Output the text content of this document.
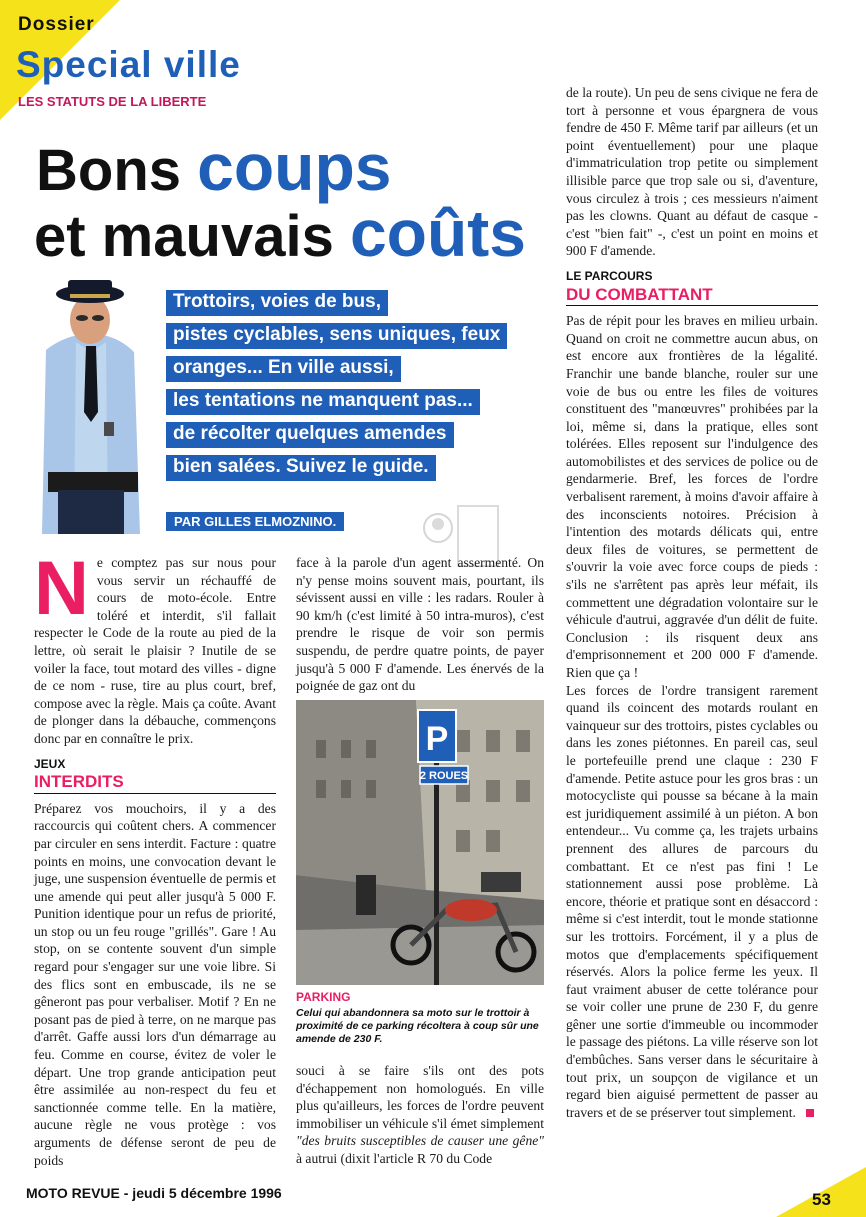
Dossier
Special ville
LES STATUTS DE LA LIBERTE
Bons coups
et mauvais coûts
Trottoirs, voies de bus,
pistes cyclables, sens uniques, feux
oranges... En ville aussi,
les tentations ne manquent pas...
de récolter quelques amendes
bien salées. Suivez le guide.
PAR GILLES ELMOZNINO.

Ne comptez pas sur nous pour vous servir un réchauffé de cours de moto-école. Entre toléré et interdit, s'il fallait respecter le Code de la route au pied de la lettre, où serait le plaisir ? Inutile de se voiler la face, tout motard des villes - digne de ce nom - ruse, tire au plus court, bref, compose avec la règle. Mais ça coûte. Avant de plonger dans la débauche, commençons donc par en connaître le prix.

JEUX
INTERDITS

Préparez vos mouchoirs, il y a des raccourcis qui coûtent chers. A commencer par circuler en sens interdit. Facture : quatre points en moins, une convocation devant le juge, une suspension éventuelle de permis et une amende qui peut aller jusqu'à 5 000 F. Punition identique pour un refus de priorité, un stop ou un feu rouge "grillés". Gare ! Au stop, on se contente souvent d'un simple regard pour s'engager sur une voie libre. Si des flics sont en embuscade, ils ne se gêneront pas pour verbaliser. Motif ? En ne posant pas de pied à terre, on ne marque pas d'arrêt. Gaffe aussi lors d'un démarrage au feu. Comme en course, évitez de voler le départ. Une trop grande anticipation peut être assimilée au non-respect du feu et sanctionnée comme telle. En la matière, aucune règle ne vous protège : vos arguments de défense seront de peu de poids

face à la parole d'un agent assermenté. On n'y pense moins souvent mais, pourtant, ils sévissent aussi en ville : les radars. Rouler à 90 km/h (c'est limité à 50 intra-muros), c'est prendre le risque de voir son permis suspendu, de perdre quatre points, de payer jusqu'à 5 000 F d'amende. Les énervés de la poignée de gaz ont du
P
2 ROUES
PARKING
Celui qui abandonnera sa moto sur le trottoir à proximité de ce parking récoltera à coup sûr une amende de 230 F.
souci à se faire s'ils ont des pots d'échappement non homologués. En ville plus qu'ailleurs, les forces de l'ordre peuvent immobiliser un véhicule s'il émet simplement "des bruits susceptibles de causer une gêne" à autrui (dixit l'article R 70 du Code

de la route). Un peu de sens civique ne fera de tort à personne et vous épargnera de vous fendre de 450 F. Même tarif par ailleurs (et un point éventuellement) pour une plaque d'immatriculation trop petite ou simplement illisible parce que trop sale ou si, d'aventure, vous circulez à trois ; ces messieurs n'aiment pas les clowns. Quant au défaut de casque - c'est "bien fait" -, c'est un point en moins et 900 F d'amende.

LE PARCOURS
DU COMBATTANT

Pas de répit pour les braves en milieu urbain. Quand on croit ne commettre aucun abus, on est encore aux frontières de la légalité. Franchir une bande blanche, rouler sur une voie de bus ou entre les files de voitures constituent des "manœuvres" prohibées par la loi, même si, dans la pratique, elles sont tolérées. Elles reposent sur l'indulgence des automobilistes et des services de police ou de gendarmerie. Bref, les forces de l'ordre verbalisent rarement, à moins d'avoir affaire à des inconscients notoires. Précision à l'intention des motards délicats qui, entre deux files de voitures, se permettent de s'ouvrir la voie avec force coups de pieds : s'ils ne s'arrêtent pas après leur méfait, ils commettent une dégradation volontaire sur le véhicule d'autrui, aggravée d'un délit de fuite. Conclusion : ils risquent deux ans d'emprisonnement et 200 000 F d'amende. Rien que ça !

Les forces de l'ordre transigent rarement quand ils coincent des motards roulant en vainqueur sur des trottoirs, pistes cyclables ou dans les zones piétonnes. En pareil cas, seul le portefeuille prend une claque : 230 F d'amende. Petite astuce pour les gros bras : un motocycliste qui pousse sa bécane à la main est juridiquement assimilé à un piéton. A bon entendeur... Vu comme ça, les trajets urbains prennent des allures de parcours du combattant. Et ce n'est pas fini ! Le stationnement aussi pose problème. Là encore, théorie et pratique sont en désaccord : même si c'est interdit, tout le monde stationne sur les trottoirs. Forcément, il y a plus de motos que d'emplacements spécifiquement réservés. Alors la police ferme les yeux. Il faut vraiment abuser de cette tolérance pour se voir coller une prune de 230 F, du genre gêner une sortie d'immeuble ou incommoder le passage des piétons. La ville réserve son lot d'embûches. Sans verser dans le sécuritaire à tout prix, un soupçon de vigilance et un regard bien aiguisé permettent de passer au travers et de se préserver tout simplement.

MOTO REVUE - jeudi 5 décembre 1996	53
